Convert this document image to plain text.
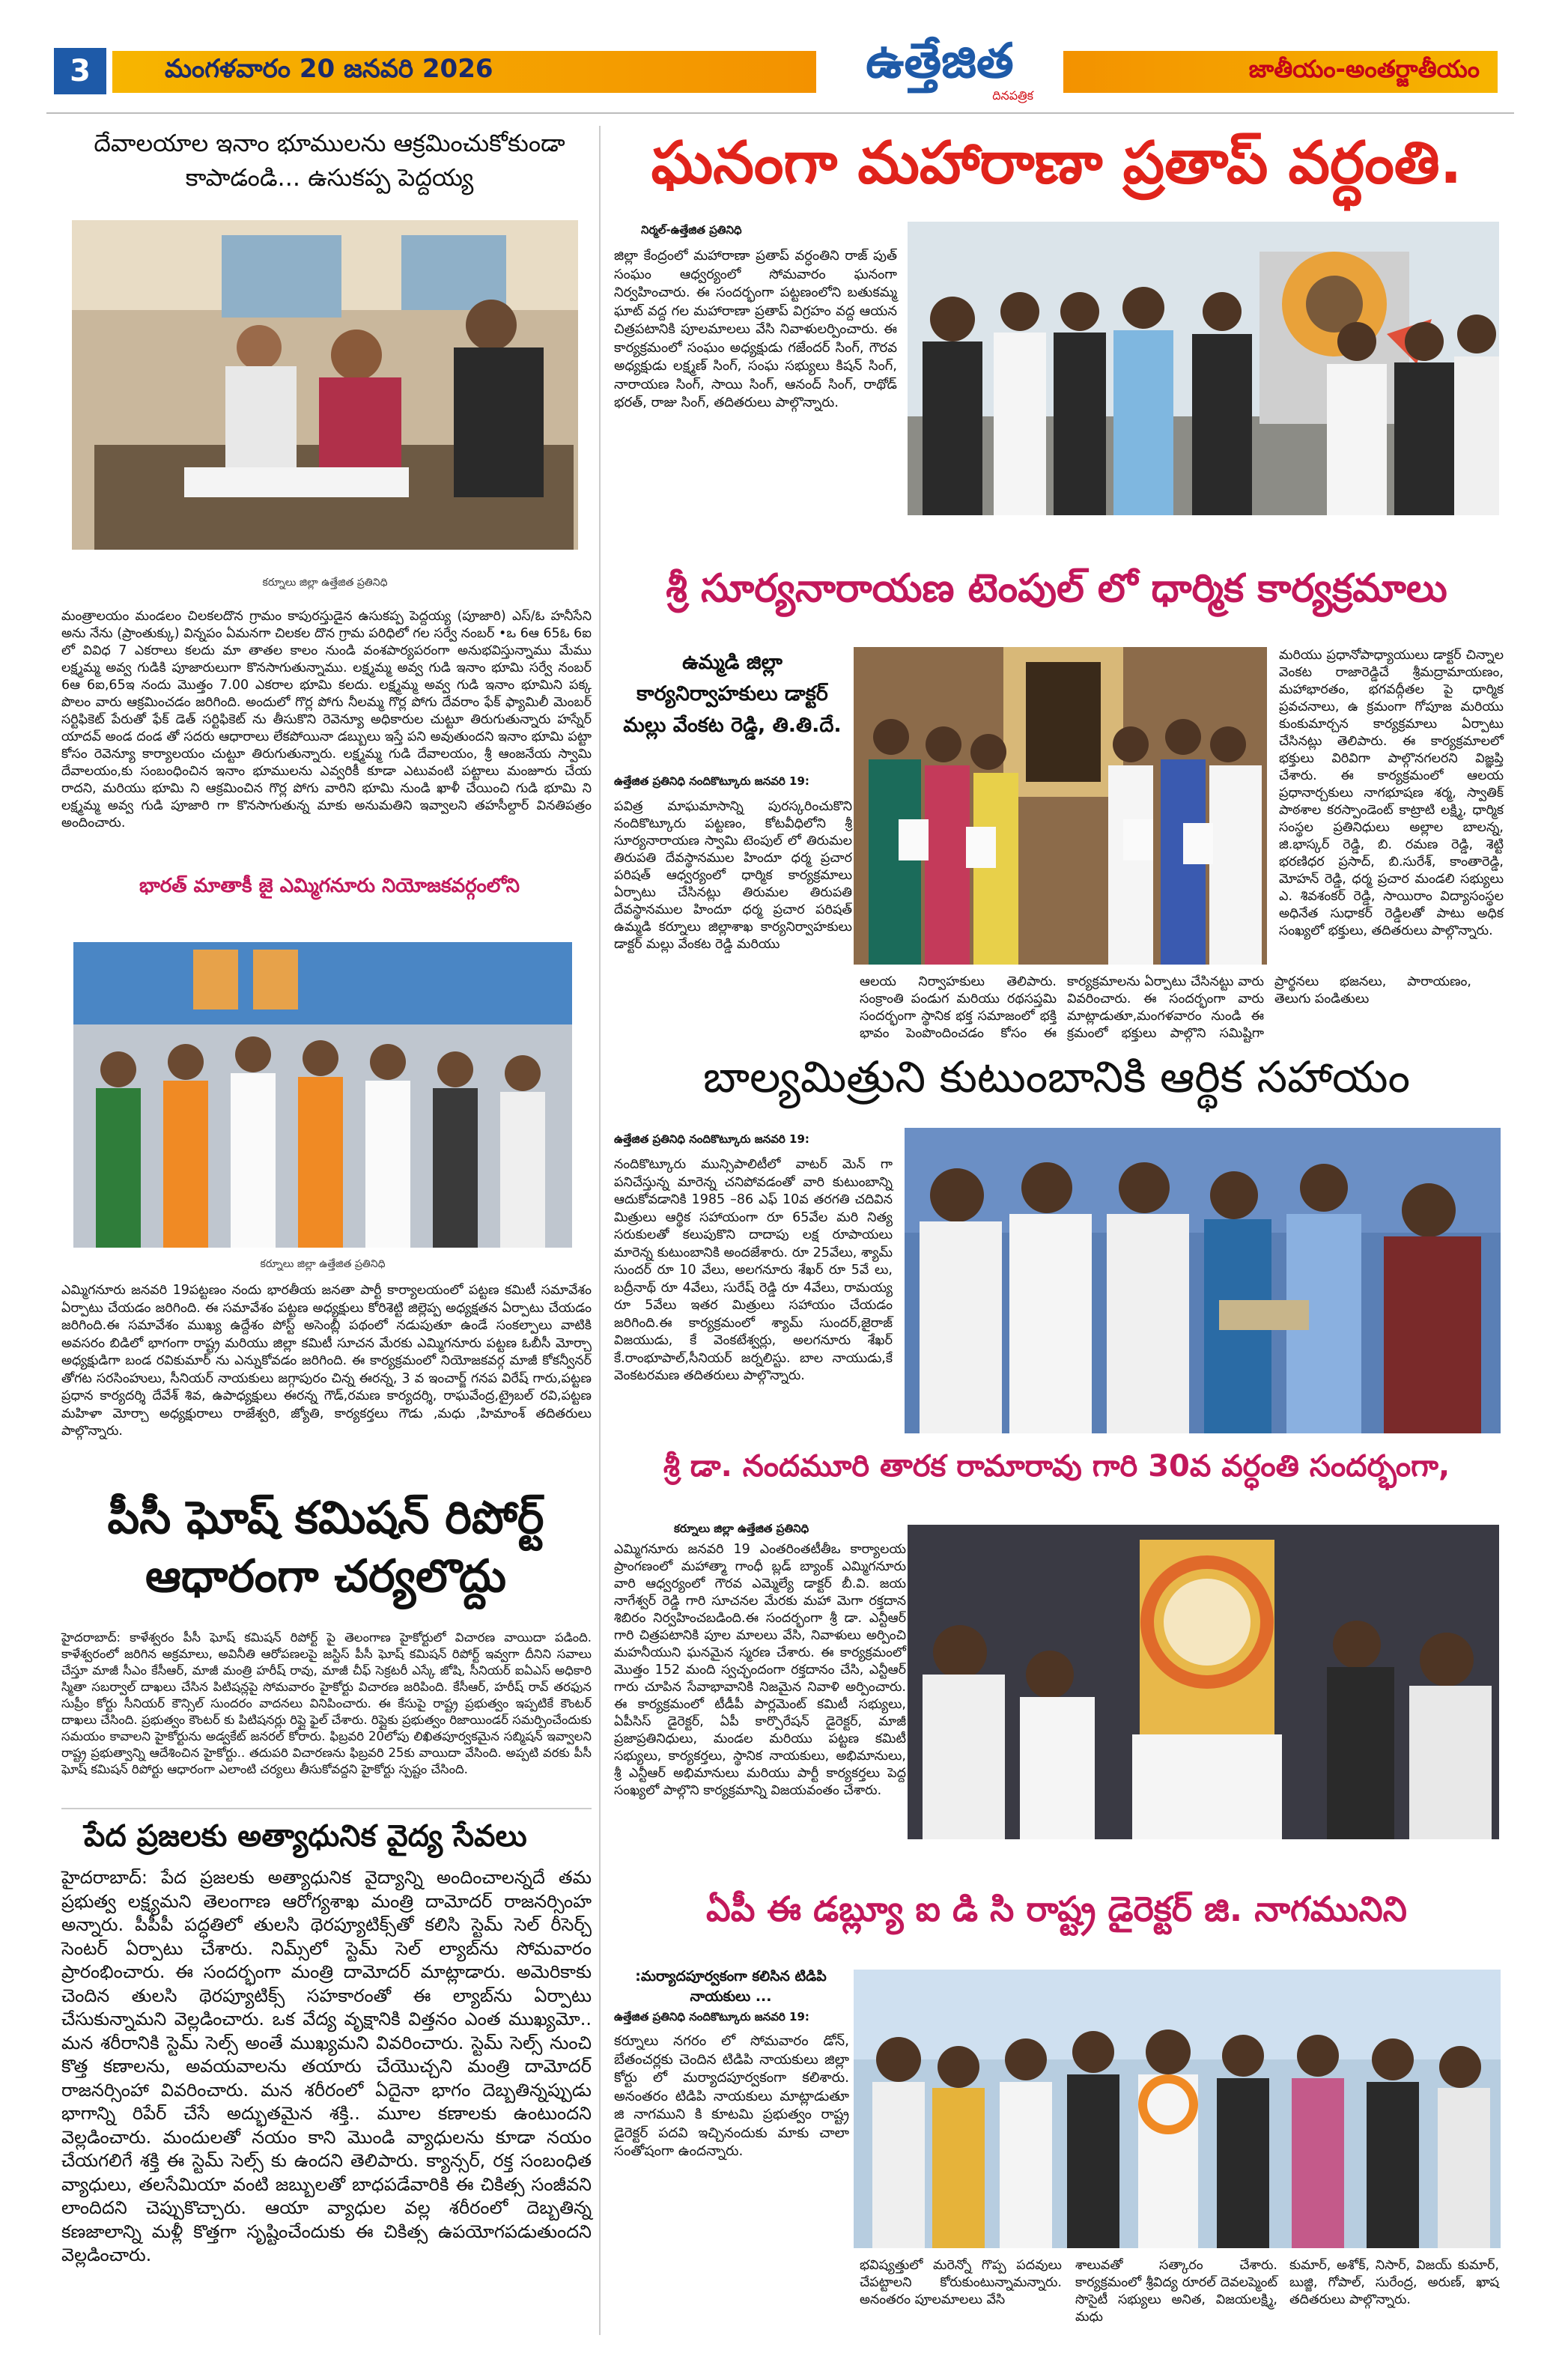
3	మంగళవారం 20 జనవరి 2026	ఉత్తేజిత
దినపత్రిక
జాతీయం-అంతర్జాతీయం
దేవాలయాల ఇనాం భూములను ఆక్రమించుకోకుండా కాపాడండి... ఉసుకప్ప పెద్దయ్య
కర్నూలు జిల్లా ఉత్తేజిత ప్రతినిధి
మంత్రాలయం మండలం చిలకలదొన గ్రామం కాపురస్తుడైన ఉసుకప్ప పెద్దయ్య (పూజారి) ఎస్/ఓ హనీసేని అను నేను (ప్రాంతుక్కు) విన్నపం ఏమనగా చిలకల దొన గ్రామ పరిధిలో గల సర్వే నంబర్ •ఒ 6ఆ 65ఓ 6ఐ లో వివిధ 7 ఎకరాలు కలదు మా తాతల కాలం నుండి వంశపార్యపరంగా అనుభవిస్తున్నాము మేము లక్ష్మమ్మ అవ్వ గుడికి పూజారులుగా కొనసాగుతున్నాము. లక్ష్మమ్మ అవ్వ గుడి ఇనాం భూమి సర్వే నంబర్ 6ఆ 6ఐ,65ఇ నందు మొత్తం 7.00 ఎకరాల భూమి కలదు. లక్ష్మమ్మ అవ్వ గుడి ఇనాం భూమిని పక్క పొలం వారు ఆక్రమించడం జరిగింది. అందులో గొర్ల పోగు నీలమ్మ గొర్ల పోగు దేవరాం ఫేక్ ఫ్యామిలీ మెంబర్ సర్టిఫికెట్ పేరుతో ఫేక్ డెత్ సర్టిఫికెట్ ను తీసుకొని రెవెన్యూ అధికారుల చుట్టూ తిరుగుతున్నారు హస్నేర్ యాదవ్ అండ దండ తో సదరు ఆధారాలు లేకపోయినా డబ్బులు ఇస్తే పని అవుతుందని ఇనాం భూమి పట్టా కోసం రెవెన్యూ కార్యాలయం చుట్టూ తిరుగుతున్నారు. లక్ష్మమ్మ గుడి దేవాలయం, శ్రీ ఆంజనేయ స్వామి దేవాలయం,కు సంబంధించిన ఇనాం భూములను ఎవ్వరికీ కూడా ఎటువంటి పట్టాలు మంజూరు చేయ రాదని, మరియు భూమి ని ఆక్రమించిన గొర్ల పోగు వారిని భూమి నుండి ఖాళీ చేయించి గుడి భూమి ని లక్ష్మమ్మ అవ్వ గుడి పూజారి గా కొనసాగుతున్న మాకు అనుమతిని ఇవ్వాలని తహసీల్దార్ వినతిపత్రం అందించారు.
భారత్ మాతాకీ జై ఎమ్మిగనూరు నియోజకవర్గంలోని
కర్నూలు జిల్లా ఉత్తేజిత ప్రతినిధి
ఎమ్మిగనూరు జనవరి 19పట్టణం నందు భారతీయ జనతా పార్టీ కార్యాలయంలో పట్టణ కమిటీ సమావేశం ఏర్పాటు చేయడం జరిగింది. ఈ సమావేశం పట్టణ అధ్యక్షులు కోరిశెట్టి జిల్లెప్ప అధ్యక్షతన ఏర్పాటు చేయడం జరిగింది.ఈ సమావేశం ముఖ్య ఉద్దేశం పోస్ట్ అసెంబ్లీ పథంలో నడుపుతూ ఉండే సంకల్పాలు వాటికి అవసరం బిడిలో భాగంగా రాష్ట్ర మరియు జిల్లా కమిటీ సూచన మేరకు ఎమ్మిగనూరు పట్టణ ఓబీసీ మోర్చా అధ్యక్షుడిగా బండ రవికుమార్ ను ఎన్నుకోవడం జరిగింది. ఈ కార్యక్రమంలో నియోజకవర్గ మాజీ కోకన్వీనర్ తోగట సరసింహులు, సీనియర్ నాయకులు జగ్గాపురం చిన్న ఈరన్న, 3 వ ఇంచార్జ్ గనప విరేష్ గారు,పట్టణ ప్రధాన కార్యదర్శి దేవేశ్ శివ, ఉపాధ్యక్షులు ఈరన్న గౌడ్,రమణ కార్యదర్శి, రాఘవేంద్ర,ట్రైబల్ రవి,పట్టణ మహిళా మోర్చా అధ్యక్షురాలు రాజేశ్వరి, జ్యోతి, కార్యకర్తలు గౌడు ,మధు ,హిమాంశ్ తదితరులు పాల్గొన్నారు.
పీసీ ఘోష్ కమిషన్ రిపోర్ట్ ఆధారంగా చర్యలొద్దు
హైదరాబాద్: కాళేశ్వరం పీసీ ఘోష్ కమిషన్ రిపోర్ట్ పై తెలంగాణ హైకోర్టులో విచారణ వాయిదా పడింది. కాళేశ్వరంలో జరిగిన అక్రమాలు, అవినీతి ఆరోపణలపై జస్టిస్ పీసీ ఘోష్ కమిషన్ రిపోర్ట్ ఇవ్వగా దీనిని సవాలు చేస్తూ మాజీ సీఎం కేసీఆర్, మాజీ మంత్రి హరీష్ రావు, మాజీ చీఫ్ సెక్రటరీ ఎస్కే జోషి, సీనియర్ ఐఏఎస్ అధికారి స్మితా సబర్వాల్ దాఖలు చేసిన పిటిషన్లపై సోమవారం హైకోర్టు విచారణ జరిపింది. కేసీఆర్, హరీష్ రావ్ తరఫున సుప్రీం కోర్టు సీనియర్ కౌన్సిల్ సుందరం వాదనలు వినిపించారు. ఈ కేసుపై రాష్ట్ర ప్రభుత్వం ఇప్పటికే కౌంటర్ దాఖలు చేసింది. ప్రభుత్వం కౌంటర్ కు పిటిషనర్లు రిప్లై ఫైల్ చేశారు. రిప్లైకు ప్రభుత్వం రిజాయిండర్ సమర్పించేందుకు సమయం కావాలని హైకోర్టును అడ్వకేట్ జనరల్ కోరారు. ఫిబ్రవరి 20లోపు లిఖితపూర్వకమైన సబ్మిషన్ ఇవ్వాలని రాష్ట్ర ప్రభుత్వాన్ని ఆదేశించిన హైకోర్టు.. తదుపరి విచారణను ఫిబ్రవరి 25కు వాయిదా వేసింది. అప్పటి వరకు పీసీ ఘోష్ కమిషన్ రిపోర్టు ఆధారంగా ఎలాంటి చర్యలు తీసుకోవద్దని హైకోర్టు స్పష్టం చేసింది.
పేద ప్రజలకు అత్యాధునిక వైద్య సేవలు
హైదరాబాద్: పేద ప్రజలకు అత్యాధునిక వైద్యాన్ని అందించాలన్నదే తమ ప్రభుత్వ లక్ష్యమని తెలంగాణ ఆరోగ్యశాఖ మంత్రి దామోదర్ రాజనర్సింహ అన్నారు. పీపీపీ పద్ధతిలో తులసి థెరప్యూటిక్స్‌తో కలిసి స్టెమ్ సెల్ రీసెర్చ్ సెంటర్ ఏర్పాటు చేశారు. నిమ్స్‌లో స్టెమ్ సెల్ ల్యాబ్‌ను సోమవారం ప్రారంభించారు. ఈ సందర్భంగా మంత్రి దామోదర్ మాట్లాడారు. అమెరికాకు చెందిన తులసి థెరప్యూటిక్స్ సహకారంతో ఈ ల్యాబ్‌ను ఏర్పాటు చేసుకున్నామని వెల్లడించారు. ఒక వేద్య వృక్షానికి విత్తనం ఎంత ముఖ్యమో.. మన శరీరానికి స్టెమ్ సెల్స్ అంతే ముఖ్యమని వివరించారు. స్టెమ్ సెల్స్ నుంచి కొత్త కణాలను, అవయవాలను తయారు చేయొచ్చని మంత్రి దామోదర్ రాజనర్సింహా వివరించారు. మన శరీరంలో ఏదైనా భాగం దెబ్బతిన్నప్పుడు భాగాన్ని రిపేర్ చేసే అద్భుతమైన శక్తి.. మూల కణాలకు ఉంటుందని వెల్లడించారు. మందులతో నయం కాని మొండి వ్యాధులను కూడా నయం చేయగలిగే శక్తి ఈ స్టెమ్ సెల్స్ కు ఉందని తెలిపారు. క్యాన్సర్, రక్త సంబంధిత వ్యాధులు, తలసేమియా వంటి జబ్బులతో బాధపడేవారికి ఈ చికిత్స సంజీవని లాందిదని చెప్పుకొచ్చారు. ఆయా వ్యాధుల వల్ల శరీరంలో దెబ్బతిన్న కణజాలాన్ని మళ్లీ కొత్తగా సృష్టించేందుకు ఈ చికిత్స ఉపయోగపడుతుందని వెల్లడించారు.
ఘనంగా మహారాణా ప్రతాప్ వర్ధంతి.
నిర్మల్-ఉత్తేజిత ప్రతినిధి
జిల్లా కేంద్రంలో మహారాణా ప్రతాప్ వర్ధంతిని రాజ్ పుత్ సంఘం ఆధ్వర్యంలో సోమవారం ఘనంగా నిర్వహించారు. ఈ సందర్భంగా పట్టణంలోని బతుకమ్మ ఘాట్ వద్ద గల మహారాణా ప్రతాప్ విగ్రహం వద్ద ఆయన చిత్రపటానికి పూలమాలలు వేసి నివాళులర్పించారు. ఈ కార్యక్రమంలో సంఘం అధ్యక్షుడు గజేందర్ సింగ్, గౌరవ అధ్యక్షుడు లక్ష్మణ్ సింగ్, సంఘ సభ్యులు కిషన్ సింగ్, నారాయణ సింగ్, సాయి సింగ్, ఆనంద్ సింగ్, రాథోడ్ భరత్, రాజు సింగ్, తదితరులు పాల్గొన్నారు.
శ్రీ సూర్యనారాయణ టెంపుల్ లో ధార్మిక కార్యక్రమాలు
ఉమ్మడి జిల్లా కార్యనిర్వాహకులు డాక్టర్ మల్లు వేంకట రెడ్డి, తి.తి.దే.
ఉత్తేజిత ప్రతినిధి నందికొట్కూరు జనవరి 19:
పవిత్ర మాఘమాసాన్ని పురస్కరించుకొని నందికొట్కూరు పట్టణం, కోటవీధిలోని శ్రీ సూర్యనారాయణ స్వామి టెంపుల్ లో తిరుమల తిరుపతి దేవస్థానముల హిందూ ధర్మ ప్రచార పరిషత్ ఆధ్వర్యంలో ధార్మిక కార్యక్రమాలు ఏర్పాటు చేసినట్లు తిరుమల తిరుపతి దేవస్థానముల హిందూ ధర్మ ప్రచార పరిషత్ ఉమ్మడి కర్నూలు జిల్లాశాఖ కార్యనిర్వాహకులు డాక్టర్ మల్లు వేంకట రెడ్డి మరియు
ఆలయ నిర్వాహకులు తెలిపారు. సంక్రాంతి పండుగ మరియు రథసప్తమి సందర్భంగా స్థానిక భక్త సమాజంలో భక్తి భావం పెంపొందించడం కోసం ఈ కార్యక్రమాలను ఏర్పాటు చేసినట్టు వారు వివరించారు. ఈ సందర్భంగా వారు మాట్లాడుతూ,మంగళవారం నుండి ఈ క్రమంలో భక్తులు పాల్గొని సమిష్టిగా ప్రార్థనలు భజనలు, పారాయణం, తెలుగు పండితులు
మరియు ప్రధానోపాధ్యాయులు డాక్టర్ చిన్నాల వెంకట రాజారెడ్డిచే శ్రీమద్రామాయణం, మహాభారతం, భగవద్గీతల పై ధార్మిక ప్రవచనాలు, ఉ క్రమంగా గోపూజ మరియు కుంకుమార్చన కార్యక్రమాలు ఏర్పాటు చేసినట్లు తెలిపారు. ఈ కార్యక్రమాలలో భక్తులు విరివిగా పాల్గొనగలరని విజ్ఞప్తి చేశారు. ఈ కార్యక్రమంలో ఆలయ ప్రధానార్చకులు నాగభూషణ శర్మ, స్వాతిక్ పాఠశాల కరస్పాండెంట్ కాట్రాటి లక్ష్మి, ధార్మిక సంస్థల ప్రతినిధులు అల్లాల బాలన్న, జి.భాస్కర్ రెడ్డి, బి. రమణ రెడ్డి, శెట్టి భరణిధర ప్రసాద్, బి.సురేశ్, కాంతారెడ్డి, మోహన్ రెడ్డి, ధర్మ ప్రచార మండలి సభ్యులు ఎ. శివశంకర్ రెడ్డి, సాయిరాం విద్యాసంస్థల అధినేత సుధాకర్ రెడ్డిలతో పాటు అధిక సంఖ్యలో భక్తులు, తదితరులు పాల్గొన్నారు.
బాల్యమిత్రుని కుటుంబానికి ఆర్థిక సహాయం
ఉత్తేజిత ప్రతినిధి నందికొట్కూరు జనవరి 19:
నందికొట్కూరు మున్సిపాలిటీలో వాటర్ మెన్ గా పనిచేస్తున్న మారెన్న చనిపోవడంతో వారి కుటుంబాన్ని ఆదుకోవడానికి 1985 –86 ఎఫ్ 10వ తరగతి చదివిన మిత్రులు ఆర్థిక సహాయంగా రూ 65వేల మరి నిత్య సరుకులతో కలుపుకొని దాదాపు లక్ష రూపాయలు మారెన్న కుటుంబానికి అందజేశారు. రూ 25వేలు, శ్యామ్ సుందర్ రూ 10 వేలు, అలగనూరు శేఖర్ రూ 5వే లు, బద్రీనాథ్ రూ 4వేలు, సురేష్ రెడ్డి రూ 4వేలు, రామయ్య రూ 5వేలు ఇతర మిత్రులు సహాయం చేయడం జరిగింది.ఈ కార్యక్రమంలో శ్యామ్ సుందర్,జైరాజ్ విజయుడు, కే వెంకటేశ్వర్లు, అలగనూరు శేఖర్ కే.రాంభూపాల్,సీనియర్ జర్నలిస్టు. బాల నాయుడు,కే వెంకటరమణ తదితరులు పాల్గొన్నారు.
శ్రీ డా. నందమూరి తారక రామారావు గారి 30వ వర్ధంతి సందర్భంగా,
కర్నూలు జిల్లా ఉత్తేజిత ప్రతినిధి
ఎమ్మిగనూరు జనవరి 19 ఎంతరింతటీతీఒ కార్యాలయ ప్రాంగణంలో మహాత్మా గాంధీ బ్లడ్ బ్యాంక్ ఎమ్మిగనూరు వారి ఆధ్వర్యంలో గౌరవ ఎమ్మెల్యే డాక్టర్ బీ.వి. జయ నాగేశ్వర్ రెడ్డి గారి సూచనల మేరకు మహా మెగా రక్తదాన శిబిరం నిర్వహించబడింది.ఈ సందర్భంగా శ్రీ డా. ఎన్టీఆర్ గారి చిత్రపటానికి పూల మాలలు వేసి, నివాళులు అర్పించి మహనీయుని ఘనమైన స్మరణ చేశారు. ఈ కార్యక్రమంలో మొత్తం 152 మంది స్వచ్ఛందంగా రక్తదానం చేసి, ఎన్టీఆర్ గారు చూపిన సేవాభావానికి నిజమైన నివాళి అర్పించారు. ఈ కార్యక్రమంలో టీడీపీ పార్లమెంట్ కమిటీ సభ్యులు, ఏపీసిస్ డైరెక్టర్, ఏపీ కార్పొరేషన్ డైరెక్టర్, మాజీ ప్రజాప్రతినిధులు, మండల మరియు పట్టణ కమిటీ సభ్యులు, కార్యకర్తలు, స్థానిక నాయకులు, అభిమానులు, శ్రీ ఎన్టీఆర్ అభిమానులు మరియు పార్టీ కార్యకర్తలు పెద్ద సంఖ్యలో పాల్గొని కార్యక్రమాన్ని విజయవంతం చేశారు.
ఏపీ ఈ డబ్ల్యూ ఐ డి సి రాష్ట్ర డైరెక్టర్ జి. నాగమునిని
:మర్యాదపూర్వకంగా కలిసిన టిడిపి నాయకులు ...
ఉత్తేజిత ప్రతినిధి నందికొట్కూరు జనవరి 19:
కర్నూలు నగరం లో సోమవారం డోన్, బేతంచర్లకు చెందిన టిడిపి నాయకులు జిల్లా కోర్టు లో మర్యాదపూర్వకంగా కలిశారు. అనంతరం టిడిపి నాయకులు మాట్లాడుతూ జి నాగముని కి కూటమి ప్రభుత్వం రాష్ట్ర డైరెక్టర్ పదవి ఇచ్చినందుకు మాకు చాలా సంతోషంగా ఉందన్నారు.
భవిష్యత్తులో మరెన్నో గొప్ప పదవులు చేపట్టాలని కోరుకుంటున్నామన్నారు. అనంతరం పూలమాలలు వేసి
శాలువతో సత్కారం చేశారు. కార్యక్రమంలో శ్రీవిద్య రూరల్ దెవలప్మెంట్ సొసైటీ సభ్యులు అనిత, విజయలక్ష్మి, మధు
కుమార్, అశోక్, నిసార్, విజయ్ కుమార్, బుజ్జి, గోపాల్, సురేంద్ర, అరుణ్, ఖాష తదితరులు పాల్గొన్నారు.
